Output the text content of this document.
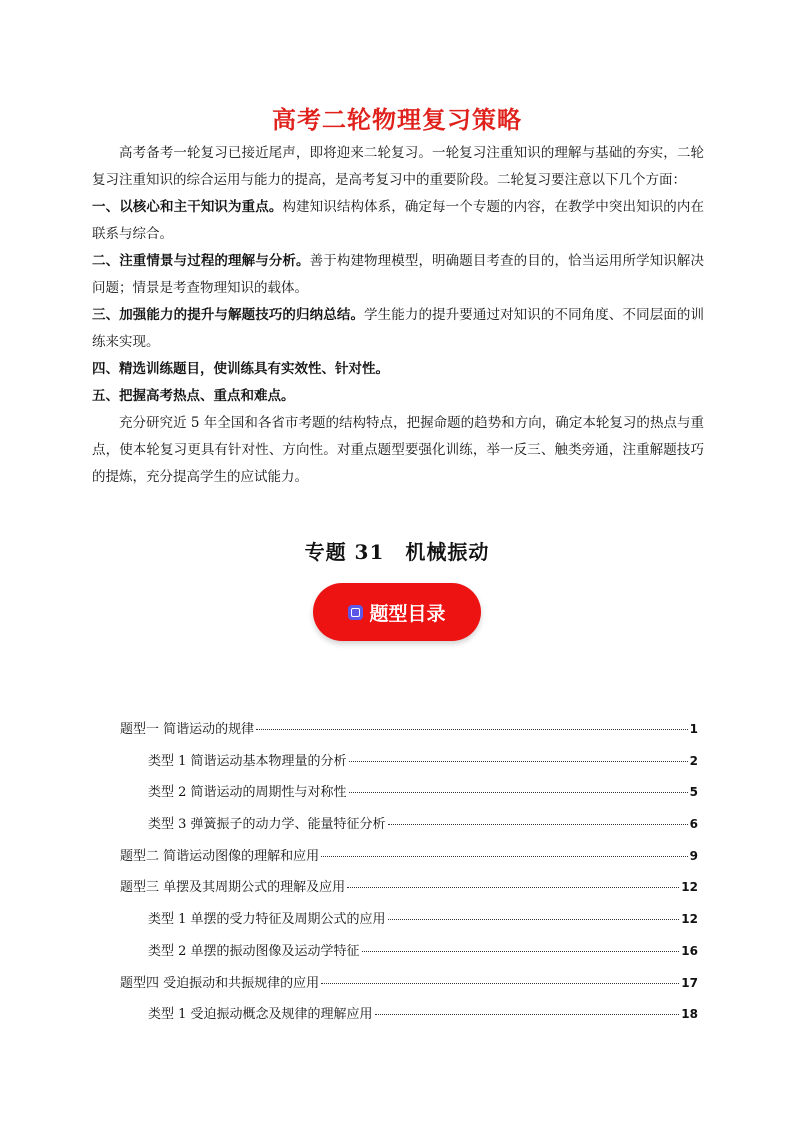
高考二轮物理复习策略

高考备考一轮复习已接近尾声，即将迎来二轮复习。一轮复习注重知识的理解与基础的夯实，二轮复习注重知识的综合运用与能力的提高，是高考复习中的重要阶段。二轮复习要注意以下几个方面：

一、以核心和主干知识为重点。构建知识结构体系，确定每一个专题的内容，在教学中突出知识的内在联系与综合。

二、注重情景与过程的理解与分析。善于构建物理模型，明确题目考查的目的，恰当运用所学知识解决问题；情景是考查物理知识的载体。

三、加强能力的提升与解题技巧的归纳总结。学生能力的提升要通过对知识的不同角度、不同层面的训练来实现。

四、精选训练题目，使训练具有实效性、针对性。

五、把握高考热点、重点和难点。

充分研究近 5 年全国和各省市考题的结构特点，把握命题的趋势和方向，确定本轮复习的热点与重点，使本轮复习更具有针对性、方向性。对重点题型要强化训练，举一反三、触类旁通，注重解题技巧的提炼，充分提高学生的应试能力。

专题 31　机械振动
题型目录
题型一 简谐运动的规律	1
类型 1 简谐运动基本物理量的分析	2
类型 2 简谐运动的周期性与对称性	5
类型 3 弹簧振子的动力学、能量特征分析	6
题型二 简谐运动图像的理解和应用	9
题型三 单摆及其周期公式的理解及应用	12
类型 1 单摆的受力特征及周期公式的应用	12
类型 2 单摆的振动图像及运动学特征	16
题型四 受迫振动和共振规律的应用	17
类型 1 受迫振动概念及规律的理解应用	18
